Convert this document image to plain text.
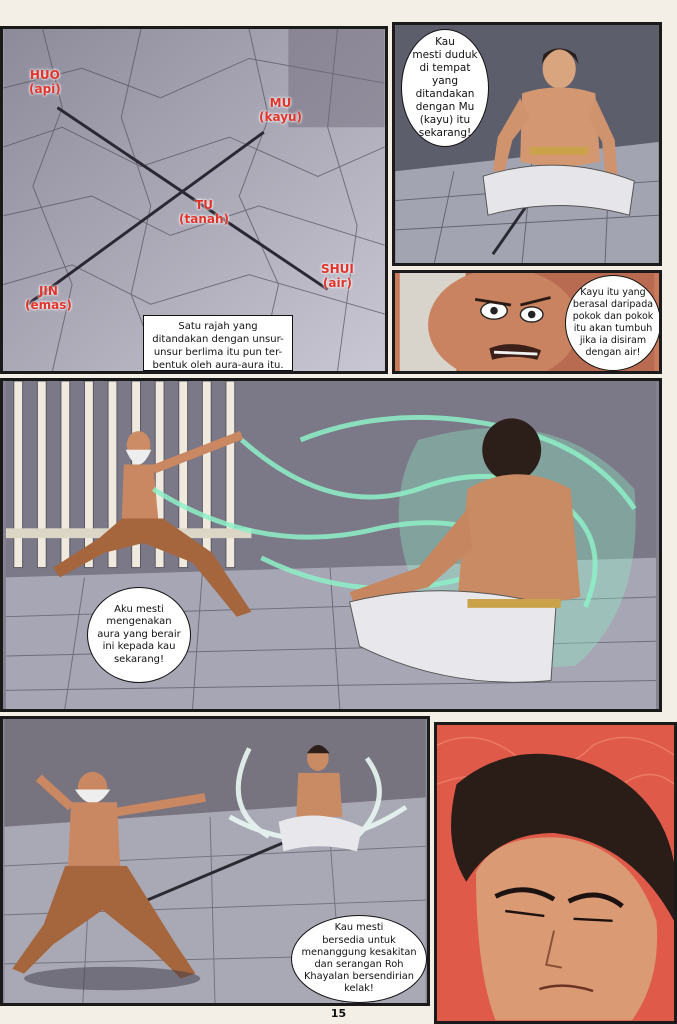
HUO
(api)
MU
(kayu)
TU
(tanah)
JIN
(emas)
SHUI
(air)
Satu rajah yang
ditandakan dengan unsur-
unsur berlima itu pun ter-
bentuk oleh aura-aura itu.
Kau
mesti duduk
di tempat yang
ditandakan
dengan Mu
(kayu) itu
sekarang!
Kayu itu yang
berasal daripada
pokok dan pokok
itu akan tumbuh
jika ia disiram
dengan air!
Aku mesti
mengenakan
aura yang berair
ini kepada kau
sekarang!
Kau mesti
bersedia untuk
menanggung kesakitan
dan serangan Roh
Khayalan bersendirian
kelak!
15
